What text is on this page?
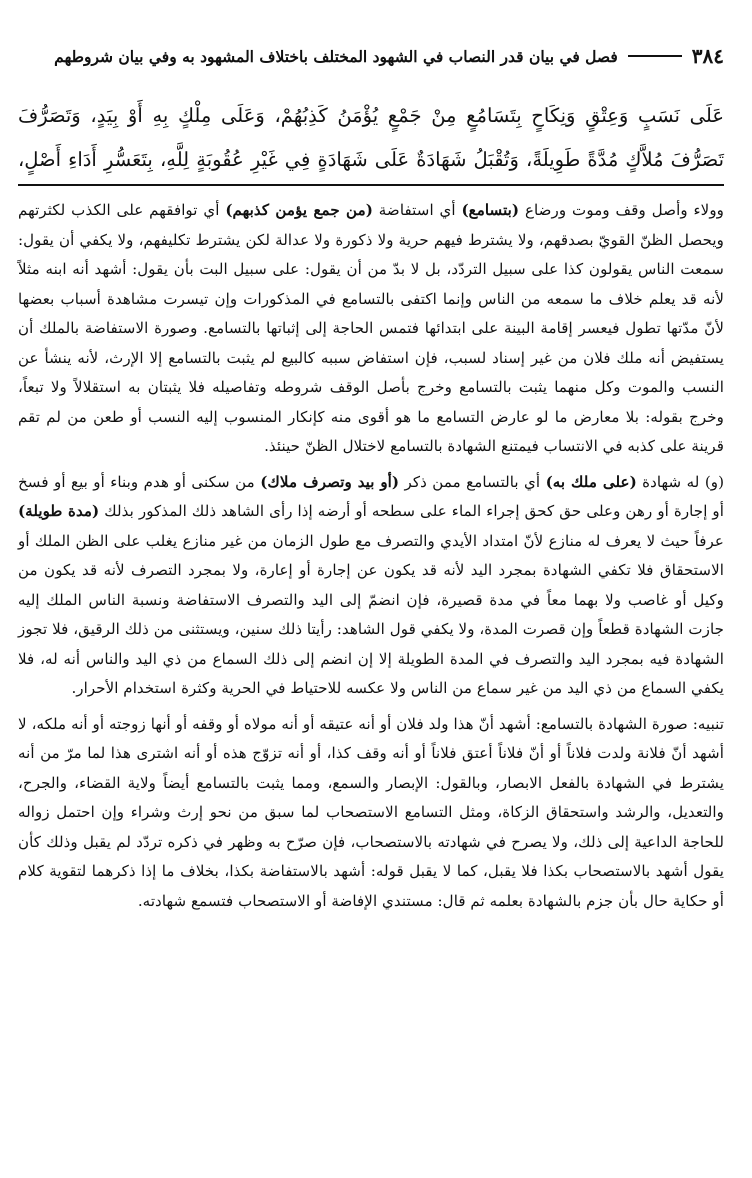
٣٨٤
فصل في بيان قدر النصاب في الشهود المختلف باختلاف المشهود به وفي بيان شروطهم

عَلَى نَسَبٍ وَعِتْقٍ وَنِكَاحٍ بِتَسَامُعٍ مِنْ جَمْعٍ يُؤْمَنُ كَذِبُهُمْ، وَعَلَى مِلْكٍ بِهِ أَوْ بِيَدٍ، وَتَصَرُّفَ

تَصَرُّفَ مُلاَّكٍ مُدَّةً طَوِيلَةً، وَتُقْبَلُ شَهَادَةٌ عَلَى شَهَادَةٍ فِي غَيْرِ عُقُوبَةٍ لِلَّهِ، بِتَعَسُّرِ أَدَاءِ أَصْلٍ،

وولاء وأصل وقف وموت ورضاع (بتسامع) أي استفاضة (من جمع يؤمن كذبهم) أي توافقهم على الكذب لكثرتهم ويحصل الظنّ القويّ بصدقهم، ولا يشترط فيهم حرية ولا ذكورة ولا عدالة لكن يشترط تكليفهم، ولا يكفي أن يقول: سمعت الناس يقولون كذا على سبيل التردّد، بل لا بدّ من أن يقول: على سبيل البت بأن يقول: أشهد أنه ابنه مثلاً لأنه قد يعلم خلاف ما سمعه من الناس وإنما اكتفى بالتسامع في المذكورات وإن تيسرت مشاهدة أسباب بعضها لأنّ مدّتها تطول فيعسر إقامة البينة على ابتدائها فتمس الحاجة إلى إثباتها بالتسامع. وصورة الاستفاضة بالملك أن يستفيض أنه ملك فلان من غير إسناد لسبب، فإن استفاض سببه كالبيع لم يثبت بالتسامع إلا الإرث، لأنه ينشأ عن النسب والموت وكل منهما يثبت بالتسامع وخرج بأصل الوقف شروطه وتفاصيله فلا يثبتان به استقلالاً ولا تبعاً، وخرج بقوله: بلا معارض ما لو عارض التسامع ما هو أقوى منه كإنكار المنسوب إليه النسب أو طعن من لم تقم قرينة على كذبه في الانتساب فيمتنع الشهادة بالتسامع لاختلال الظنّ حينئذ.

(و) له شهادة (على ملك به) أي بالتسامع ممن ذكر (أو بيد وتصرف ملاك) من سكنى أو هدم وبناء أو بيع أو فسخ أو إجارة أو رهن وعلى حق كحق إجراء الماء على سطحه أو أرضه إذا رأى الشاهد ذلك المذكور بذلك (مدة طويلة) عرفاً حيث لا يعرف له منازع لأنّ امتداد الأيدي والتصرف مع طول الزمان من غير منازع يغلب على الظن الملك أو الاستحقاق فلا تكفي الشهادة بمجرد اليد لأنه قد يكون عن إجارة أو إعارة، ولا بمجرد التصرف لأنه قد يكون من وكيل أو غاصب ولا بهما معاً في مدة قصيرة، فإن انضمّ إلى اليد والتصرف الاستفاضة ونسبة الناس الملك إليه جازت الشهادة قطعاً وإن قصرت المدة، ولا يكفي قول الشاهد: رأيتا ذلك سنين، ويستثنى من ذلك الرقيق، فلا تجوز الشهادة فيه بمجرد اليد والتصرف في المدة الطويلة إلا إن انضم إلى ذلك السماع من ذي اليد والناس أنه له، فلا يكفي السماع من ذي اليد من غير سماع من الناس ولا عكسه للاحتياط في الحرية وكثرة استخدام الأحرار.

تنبيه: صورة الشهادة بالتسامع: أشهد أنّ هذا ولد فلان أو أنه عتيقه أو أنه مولاه أو وقفه أو أنها زوجته أو أنه ملكه، لا أشهد أنّ فلانة ولدت فلاناً أو أنّ فلاناً أعتق فلاناً أو أنه وقف كذا، أو أنه تزوّج هذه أو أنه اشترى هذا لما مرّ من أنه يشترط في الشهادة بالفعل الابصار، وبالقول: الإبصار والسمع، ومما يثبت بالتسامع أيضاً ولاية القضاء، والجرح، والتعديل، والرشد واستحقاق الزكاة، ومثل التسامع الاستصحاب لما سبق من نحو إرث وشراء وإن احتمل زواله للحاجة الداعية إلى ذلك، ولا يصرح في شهادته بالاستصحاب، فإن صرّح به وظهر في ذكره تردّد لم يقبل وذلك كأن يقول أشهد بالاستصحاب بكذا فلا يقبل، كما لا يقبل قوله: أشهد بالاستفاضة بكذا، بخلاف ما إذا ذكرهما لتقوية كلام أو حكاية حال بأن جزم بالشهادة بعلمه ثم قال: مستندي الإفاضة أو الاستصحاب فتسمع شهادته.
